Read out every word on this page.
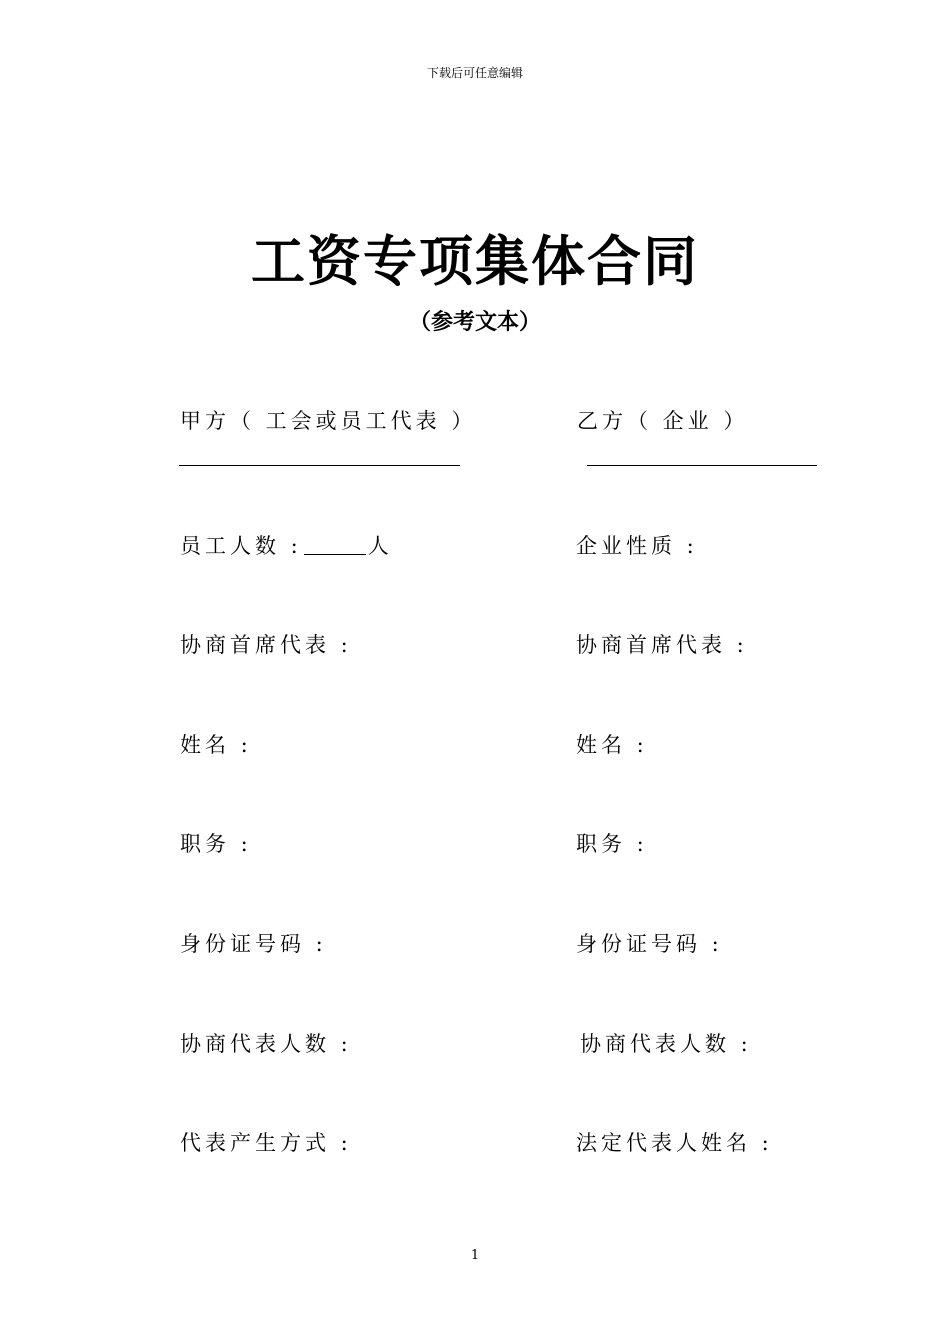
下载后可任意编辑
工资专项集体合同
（参考文本）
甲方（ 工会或员工代表 ）
员工人数 :	人
协商首席代表 :
姓名 :
职务 :
身份证号码 :
协商代表人数 :
代表产生方式 :
乙方（ 企业 ）
企业性质 :
协商首席代表 :
姓名 :
职务 :
身份证号码 :
协商代表人数 :
法定代表人姓名 :
1
